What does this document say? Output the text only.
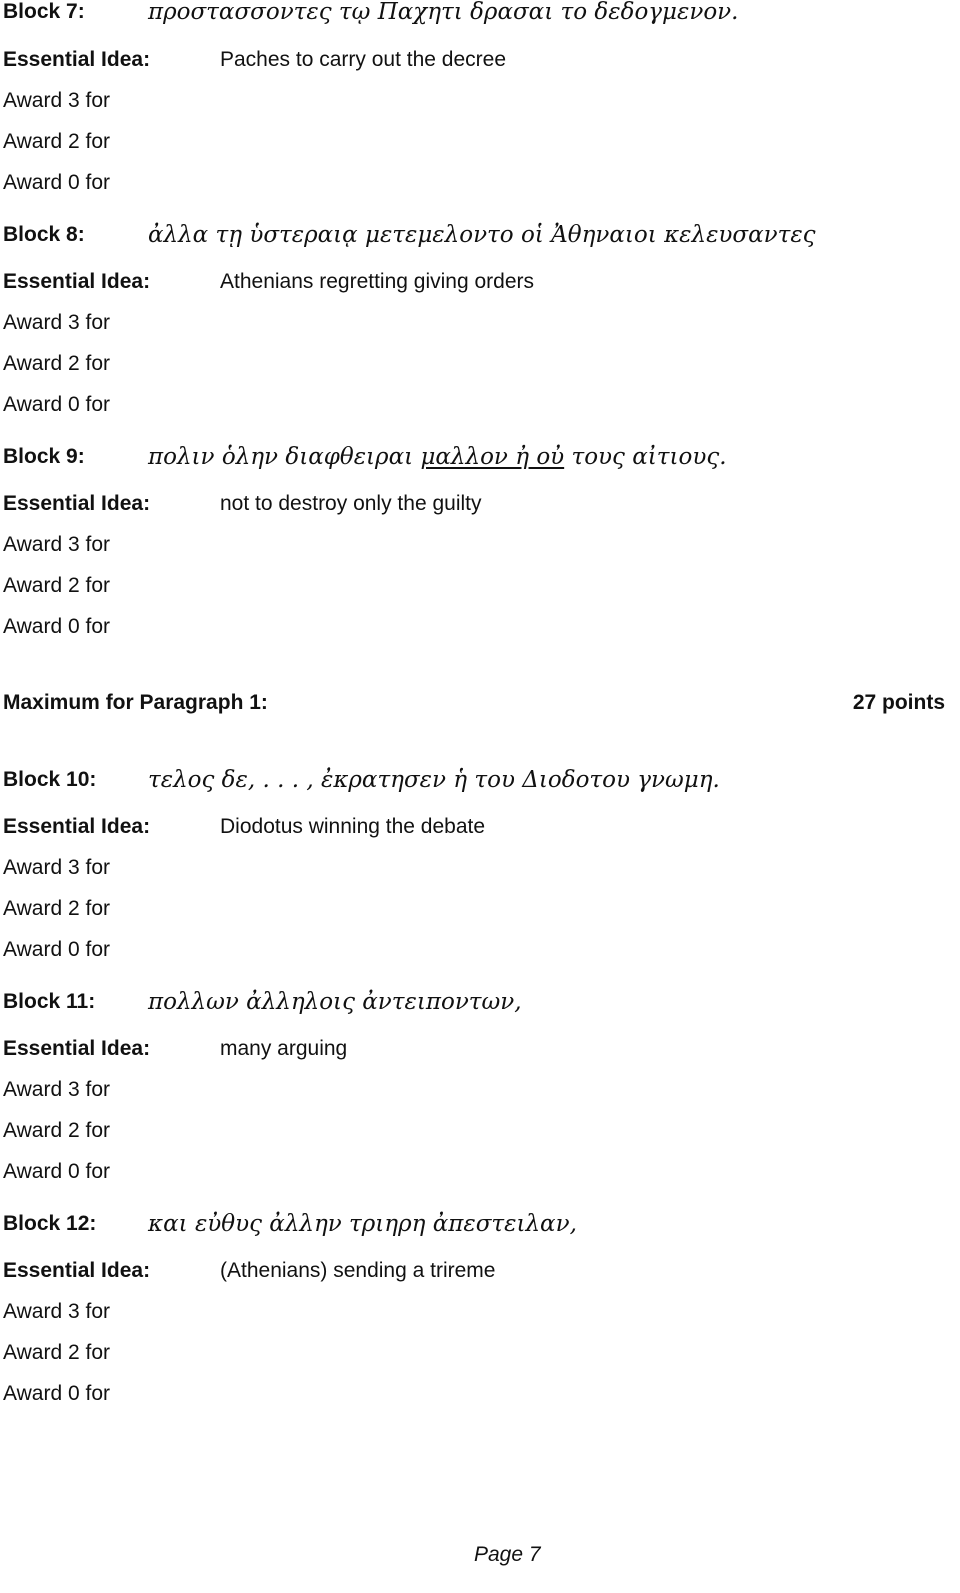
Block 7:	προστασσοντες τῳ Παχητι δρασαι το δεδογμενον.
Essential Idea:	Paches to carry out the decree
Award 3 for
Award 2 for
Award 0 for
Block 8:	ἀλλα τῃ ὑστεραιᾳ μετεμελοντο οἱ Ἀθηναιοι κελευσαντες
Essential Idea:	Athenians regretting giving orders
Award 3 for
Award 2 for
Award 0 for
Block 9:	πολιν ὁλην διαφθειραι μαλλον ἠ οὐ τους αἰτιους.
Essential Idea:	not to destroy only the guilty
Award 3 for
Award 2 for
Award 0 for
Maximum for Paragraph 1:	27 points
Block 10: τελος δε, . . . , ἐκρατησεν ἡ του Διοδοτου γνωμη.
Essential Idea:	Diodotus winning the debate
Award 3 for
Award 2 for
Award 0 for
Block 11: πολλων ἀλληλοις ἀντειποντων,
Essential Idea:	many arguing
Award 3 for
Award 2 for
Award 0 for
Block 12: και εὐθυς ἀλλην τριηρη ἀπεστειλαν,
Essential Idea:	(Athenians) sending a trireme
Award 3 for
Award 2 for
Award 0 for
Page 7
